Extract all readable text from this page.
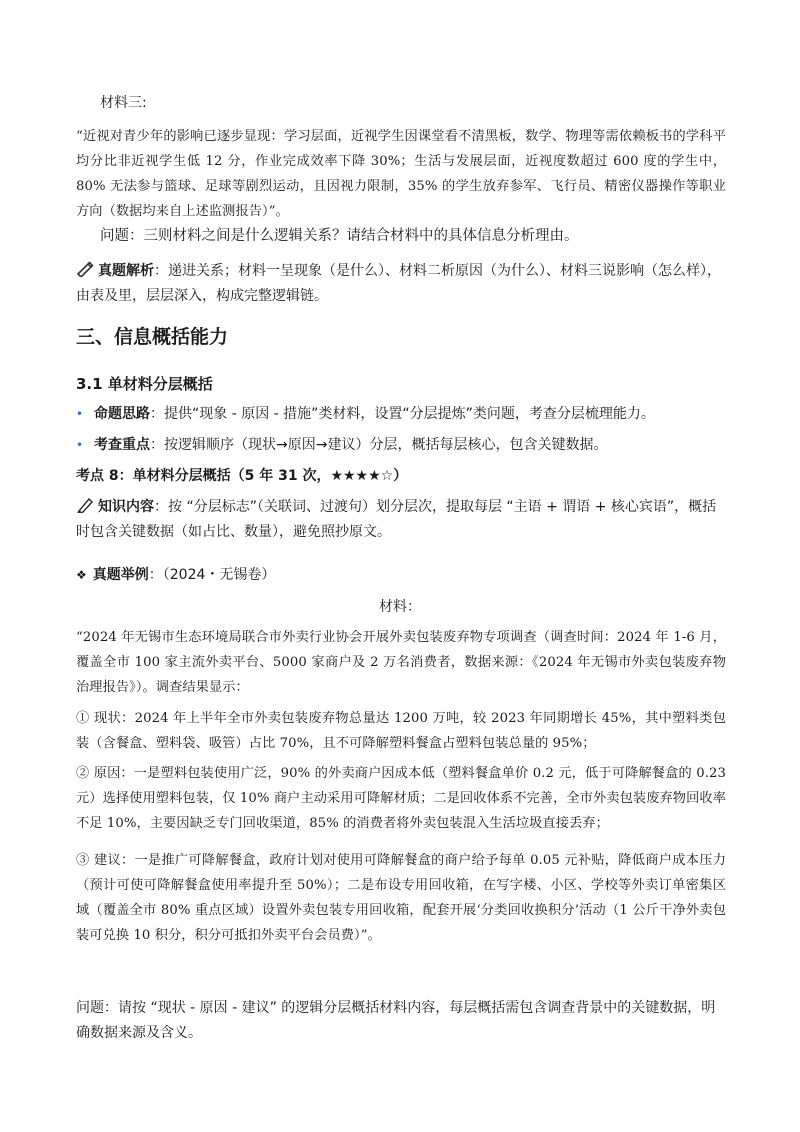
材料三:
“近视对青少年的影响已逐步显现：学习层面，近视学生因课堂看不清黑板，数学、物理等需依赖板书的学科平均分比非近视学生低 12 分，作业完成效率下降 30%；生活与发展层面，近视度数超过 600 度的学生中，80% 无法参与篮球、足球等剧烈运动，且因视力限制，35% 的学生放弃参军、飞行员、精密仪器操作等职业方向（数据均来自上述监测报告）”。
问题：三则材料之间是什么逻辑关系？请结合材料中的具体信息分析理由。
真题解析：递进关系；材料一呈现象（是什么）、材料二析原因（为什么）、材料三说影响（怎么样），由表及里，层层深入，构成完整逻辑链。
三、信息概括能力
3.1 单材料分层概括
• 命题思路：提供“现象 - 原因 - 措施”类材料，设置“分层提炼”类问题，考查分层梳理能力。
• 考查重点：按逻辑顺序（现状→原因→建议）分层，概括每层核心，包含关键数据。
考点 8：单材料分层概括（5 年 31 次，★★★★☆）
知识内容：按 “分层标志”（关联词、过渡句）划分层次，提取每层 “主语 + 谓语 + 核心宾语”，概括时包含关键数据（如占比、数量），避免照抄原文。
❖ 真题举例：（2024・无锡卷）
材料：
“2024 年无锡市生态环境局联合市外卖行业协会开展外卖包装废弃物专项调查（调查时间：2024 年 1-6 月，覆盖全市 100 家主流外卖平台、5000 家商户及 2 万名消费者，数据来源：《2024 年无锡市外卖包装废弃物治理报告》）。调查结果显示：
① 现状：2024 年上半年全市外卖包装废弃物总量达 1200 万吨，较 2023 年同期增长 45%，其中塑料类包装（含餐盒、塑料袋、吸管）占比 70%，且不可降解塑料餐盒占塑料包装总量的 95%；
② 原因：一是塑料包装使用广泛，90% 的外卖商户因成本低（塑料餐盒单价 0.2 元，低于可降解餐盒的 0.23 元）选择使用塑料包装，仅 10% 商户主动采用可降解材质；二是回收体系不完善，全市外卖包装废弃物回收率不足 10%，主要因缺乏专门回收渠道，85% 的消费者将外卖包装混入生活垃圾直接丢弃；
③ 建议：一是推广可降解餐盒，政府计划对使用可降解餐盒的商户给予每单 0.05 元补贴，降低商户成本压力（预计可使可降解餐盒使用率提升至 50%）；二是布设专用回收箱，在写字楼、小区、学校等外卖订单密集区域（覆盖全市 80% 重点区域）设置外卖包装专用回收箱，配套开展‘分类回收换积分’活动（1 公斤干净外卖包装可兑换 10 积分，积分可抵扣外卖平台会员费）”。
问题：请按 “现状 - 原因 - 建议” 的逻辑分层概括材料内容，每层概括需包含调查背景中的关键数据，明确数据来源及含义。
